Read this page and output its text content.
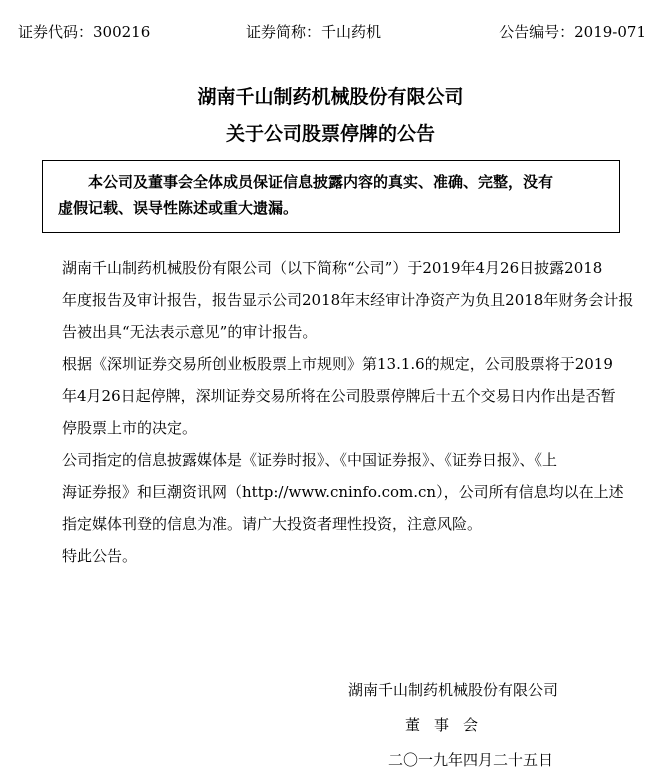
证券代码：300216	证券简称：千山药机	公告编号：2019-071
湖南千山制药机械股份有限公司
关于公司股票停牌的公告
本公司及董事会全体成员保证信息披露内容的真实、准确、完整，没有
虚假记载、误导性陈述或重大遗漏。
湖南千山制药机械股份有限公司（以下简称“公司”）于2019年4月26日披露2018
年度报告及审计报告，报告显示公司2018年末经审计净资产为负且2018年财务会计报
告被出具“无法表示意见”的审计报告。
根据《深圳证券交易所创业板股票上市规则》第13.1.6的规定，公司股票将于2019
年4月26日起停牌，深圳证券交易所将在公司股票停牌后十五个交易日内作出是否暂
停股票上市的决定。
公司指定的信息披露媒体是《证券时报》、《中国证券报》、《证券日报》、《上
海证券报》和巨潮资讯网（http://www.cninfo.com.cn），公司所有信息均以在上述
指定媒体刊登的信息为准。请广大投资者理性投资，注意风险。
特此公告。
湖南千山制药机械股份有限公司
董事会
二〇一九年四月二十五日
